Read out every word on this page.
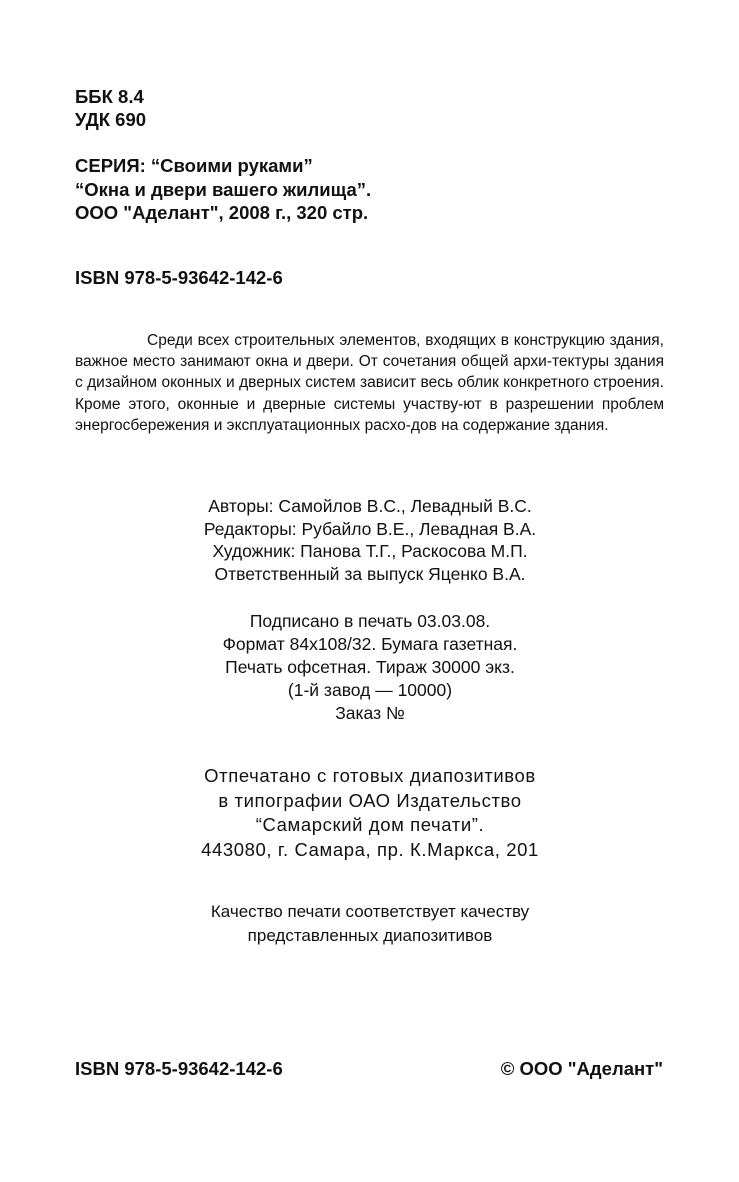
ББК 8.4
УДК 690
СЕРИЯ: “Своими руками”
“Окна и двери вашего жилища”.
ООО "Аделант", 2008 г., 320 стр.
ISBN 978-5-93642-142-6

Среди всех строительных элементов, входящих в конструкцию здания, важное место занимают окна и двери. От сочетания общей архи-тектуры здания с дизайном оконных и дверных систем зависит весь облик конкретного строения. Кроме этого, оконные и дверные системы участву-ют в разрешении проблем энергосбережения и эксплуатационных расхо-дов на содержание здания.

Авторы: Самойлов В.С., Левадный В.С.
Редакторы: Рубайло В.Е., Левадная В.А.
Художник: Панова Т.Г., Раскосова М.П.
Ответственный за выпуск Яценко В.А.
Подписано в печать 03.03.08.
Формат 84х108/32. Бумага газетная.
Печать офсетная. Тираж 30000 экз.
(1-й завод — 10000)
Заказ №
Отпечатано с готовых диапозитивов
в типографии ОАО Издательство
“Самарский дом печати”.
443080, г. Самара, пр. К.Маркса, 201
Качество печати соответствует качеству
представленных диапозитивов
ISBN 978-5-93642-142-6	© ООО "Аделант"
